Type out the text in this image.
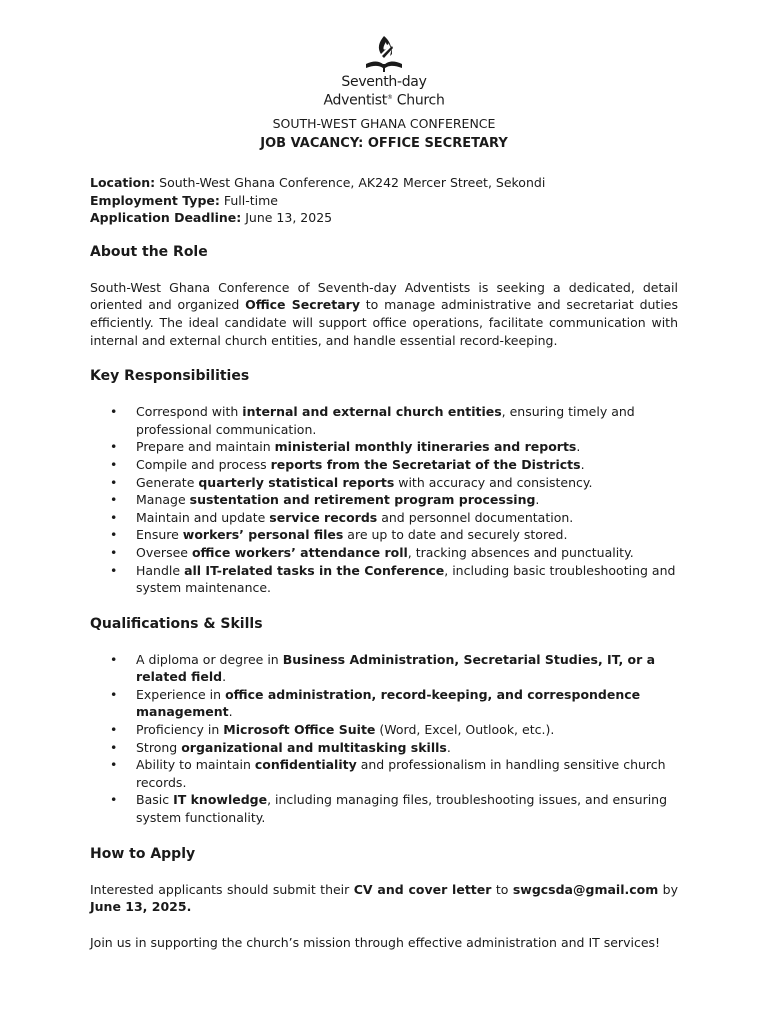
Seventh-day
Adventist® Church
SOUTH-WEST GHANA CONFERENCE
JOB VACANCY: OFFICE SECRETARY
Location: South-West Ghana Conference, AK242 Mercer Street, Sekondi
Employment Type: Full-time
Application Deadline: June 13, 2025
About the Role

South-West Ghana Conference of Seventh-day Adventists is seeking a dedicated, detail oriented and organized Office Secretary to manage administrative and secretariat duties efficiently. The ideal candidate will support office operations, facilitate communication with internal and external church entities, and handle essential record-keeping.

Key Responsibilities
• Correspond with internal and external church entities, ensuring timely and professional communication.
• Prepare and maintain ministerial monthly itineraries and reports.
• Compile and process reports from the Secretariat of the Districts.
• Generate quarterly statistical reports with accuracy and consistency.
• Manage sustentation and retirement program processing.
• Maintain and update service records and personnel documentation.
• Ensure workers’ personal files are up to date and securely stored.
• Oversee office workers’ attendance roll, tracking absences and punctuality.
• Handle all IT-related tasks in the Conference, including basic troubleshooting and system maintenance.
Qualifications & Skills
• A diploma or degree in Business Administration, Secretarial Studies, IT, or a related field.
• Experience in office administration, record-keeping, and correspondence management.
• Proficiency in Microsoft Office Suite (Word, Excel, Outlook, etc.).
• Strong organizational and multitasking skills.
• Ability to maintain confidentiality and professionalism in handling sensitive church records.
• Basic IT knowledge, including managing files, troubleshooting issues, and ensuring system functionality.
How to Apply

Interested applicants should submit their CV and cover letter to swgcsda@gmail.com by June 13, 2025.

Join us in supporting the church’s mission through effective administration and IT services!
